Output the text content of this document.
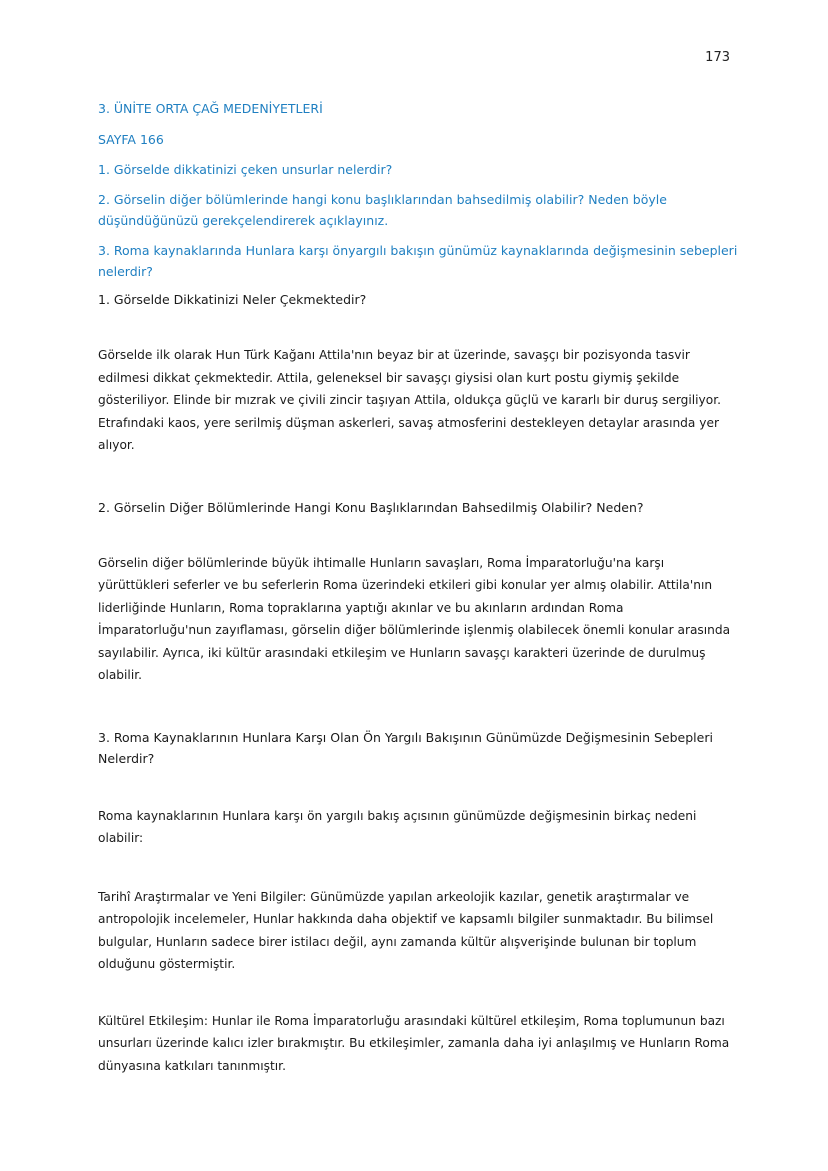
173

3. ÜNİTE ORTA ÇAĞ MEDENİYETLERİ

SAYFA 166

1. Görselde dikkatinizi çeken unsurlar nelerdir?

2. Görselin diğer bölümlerinde hangi konu başlıklarından bahsedilmiş olabilir? Neden böyle düşündüğünüzü gerekçelendirerek açıklayınız.

3. Roma kaynaklarında Hunlara karşı önyargılı bakışın günümüz kaynaklarında değişmesinin sebepleri nelerdir?

1. Görselde Dikkatinizi Neler Çekmektedir?

Görselde ilk olarak Hun Türk Kağanı Attila'nın beyaz bir at üzerinde, savaşçı bir pozisyonda tasvir edilmesi dikkat çekmektedir. Attila, geleneksel bir savaşçı giysisi olan kurt postu giymiş şekilde gösteriliyor. Elinde bir mızrak ve çivili zincir taşıyan Attila, oldukça güçlü ve kararlı bir duruş sergiliyor. Etrafındaki kaos, yere serilmiş düşman askerleri, savaş atmosferini destekleyen detaylar arasında yer alıyor.

2. Görselin Diğer Bölümlerinde Hangi Konu Başlıklarından Bahsedilmiş Olabilir? Neden?

Görselin diğer bölümlerinde büyük ihtimalle Hunların savaşları, Roma İmparatorluğu'na karşı yürüttükleri seferler ve bu seferlerin Roma üzerindeki etkileri gibi konular yer almış olabilir. Attila'nın liderliğinde Hunların, Roma topraklarına yaptığı akınlar ve bu akınların ardından Roma İmparatorluğu'nun zayıflaması, görselin diğer bölümlerinde işlenmiş olabilecek önemli konular arasında sayılabilir. Ayrıca, iki kültür arasındaki etkileşim ve Hunların savaşçı karakteri üzerinde de durulmuş olabilir.

3. Roma Kaynaklarının Hunlara Karşı Olan Ön Yargılı Bakışının Günümüzde Değişmesinin Sebepleri Nelerdir?

Roma kaynaklarının Hunlara karşı ön yargılı bakış açısının günümüzde değişmesinin birkaç nedeni olabilir:

Tarihî Araştırmalar ve Yeni Bilgiler: Günümüzde yapılan arkeolojik kazılar, genetik araştırmalar ve antropolojik incelemeler, Hunlar hakkında daha objektif ve kapsamlı bilgiler sunmaktadır. Bu bilimsel bulgular, Hunların sadece birer istilacı değil, aynı zamanda kültür alışverişinde bulunan bir toplum olduğunu göstermiştir.

Kültürel Etkileşim: Hunlar ile Roma İmparatorluğu arasındaki kültürel etkileşim, Roma toplumunun bazı unsurları üzerinde kalıcı izler bırakmıştır. Bu etkileşimler, zamanla daha iyi anlaşılmış ve Hunların Roma dünyasına katkıları tanınmıştır.
